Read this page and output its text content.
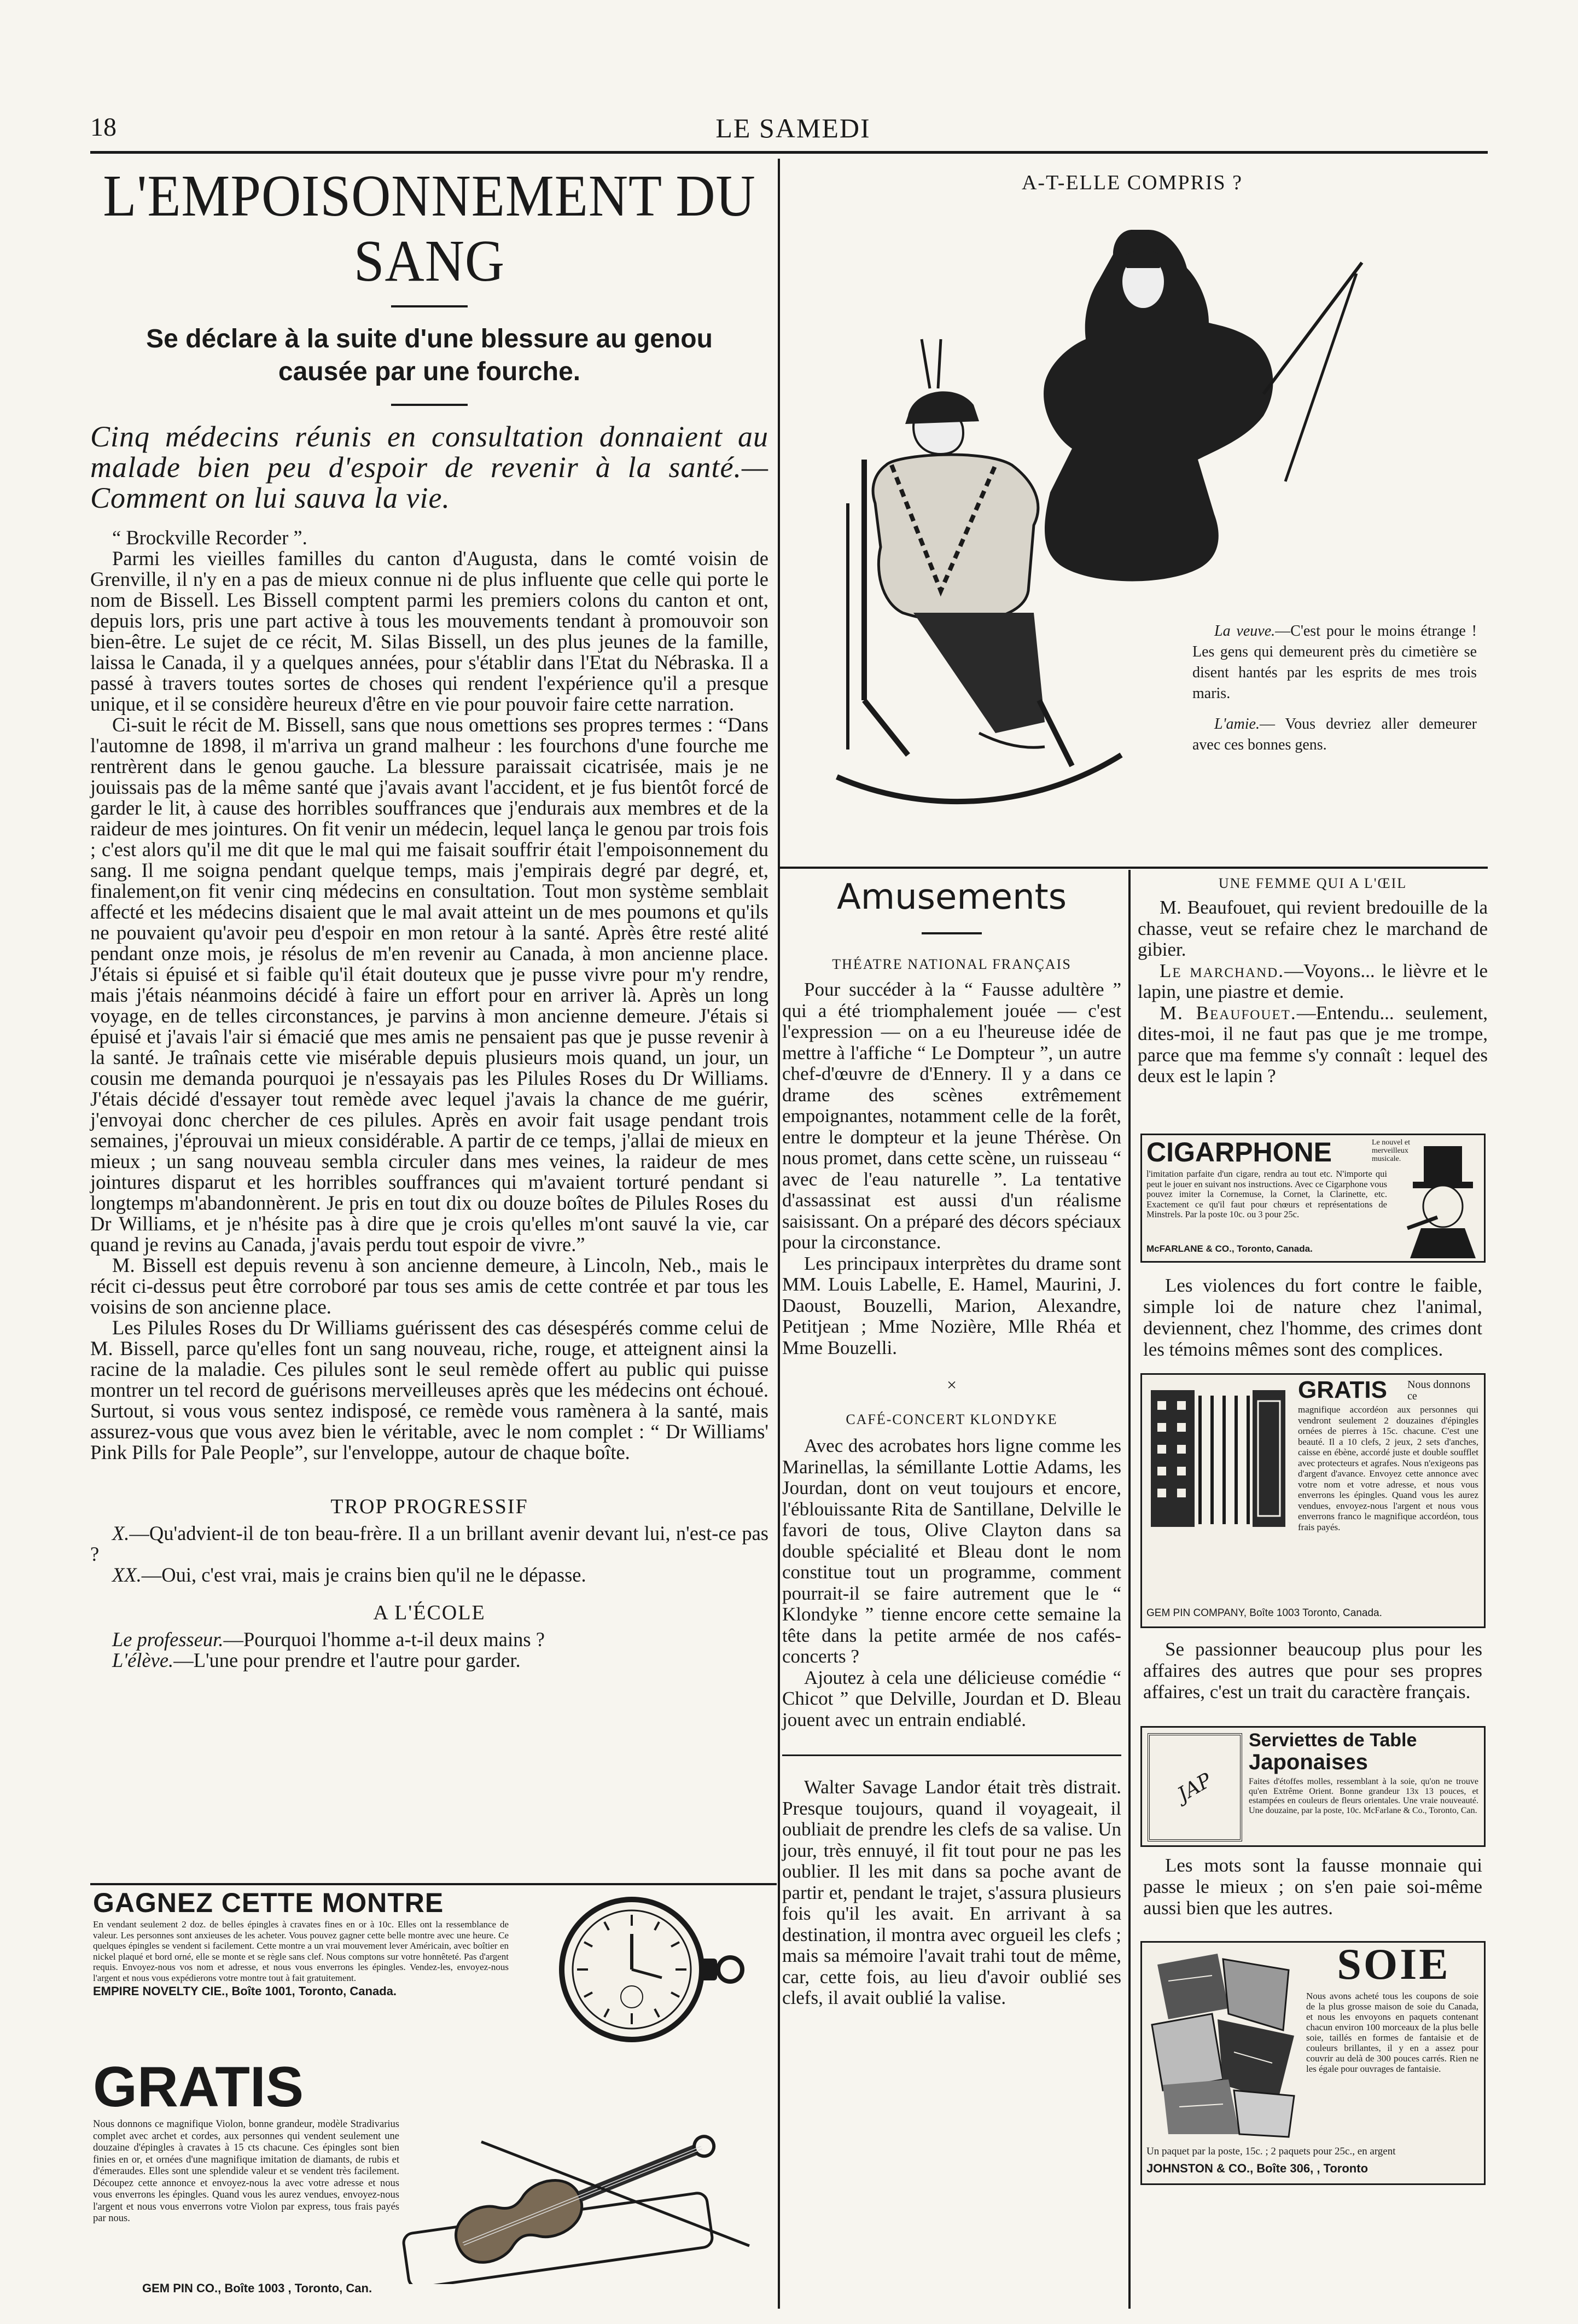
18	LE SAMEDI
L'EMPOISONNEMENT DU SANG
Se déclare à la suite d'une blessure au genou causée par une fourche.
Cinq médecins réunis en consultation donnaient au malade bien peu d'espoir de revenir à la santé.—Comment on lui sauva la vie.
“ Brockville Recorder ”.

Parmi les vieilles familles du canton d'Augusta, dans le comté voisin de Grenville, il n'y en a pas de mieux connue ni de plus influente que celle qui porte le nom de Bissell. Les Bissell comptent parmi les premiers colons du canton et ont, depuis lors, pris une part active à tous les mouvements tendant à promouvoir son bien-être. Le sujet de ce récit, M. Silas Bissell, un des plus jeunes de la famille, laissa le Canada, il y a quelques années, pour s'établir dans l'Etat du Nébraska. Il a passé à travers toutes sortes de choses qui rendent l'expérience qu'il a presque unique, et il se considère heureux d'être en vie pour pouvoir faire cette narration.

Ci-suit le récit de M. Bissell, sans que nous omettions ses propres termes : “Dans l'automne de 1898, il m'arriva un grand malheur : les fourchons d'une fourche me rentrèrent dans le genou gauche. La blessure paraissait cicatrisée, mais je ne jouissais pas de la même santé que j'avais avant l'accident, et je fus bientôt forcé de garder le lit, à cause des horribles souffrances que j'endurais aux membres et de la raideur de mes jointures. On fit venir un médecin, lequel lança le genou par trois fois ; c'est alors qu'il me dit que le mal qui me faisait souffrir était l'empoisonnement du sang. Il me soigna pendant quelque temps, mais j'empirais degré par degré, et, finalement,on fit venir cinq médecins en consultation. Tout mon système semblait affecté et les médecins disaient que le mal avait atteint un de mes poumons et qu'ils ne pouvaient qu'avoir peu d'espoir en mon retour à la santé. Après être resté alité pendant onze mois, je résolus de m'en revenir au Canada, à mon ancienne place. J'étais si épuisé et si faible qu'il était douteux que je pusse vivre pour m'y rendre, mais j'étais néanmoins décidé à faire un effort pour en arriver là. Après un long voyage, en de telles circonstances, je parvins à mon ancienne demeure. J'étais si épuisé et j'avais l'air si émacié que mes amis ne pensaient pas que je pusse revenir à la santé. Je traînais cette vie misérable depuis plusieurs mois quand, un jour, un cousin me demanda pourquoi je n'essayais pas les Pilules Roses du Dr Williams. J'étais décidé d'essayer tout remède avec lequel j'avais la chance de me guérir, j'envoyai donc chercher de ces pilules. Après en avoir fait usage pendant trois semaines, j'éprouvai un mieux considérable. A partir de ce temps, j'allai de mieux en mieux ; un sang nouveau sembla circuler dans mes veines, la raideur de mes jointures disparut et les horribles souffrances qui m'avaient torturé pendant si longtemps m'abandonnèrent. Je pris en tout dix ou douze boîtes de Pilules Roses du Dr Williams, et je n'hésite pas à dire que je crois qu'elles m'ont sauvé la vie, car quand je revins au Canada, j'avais perdu tout espoir de vivre.”

M. Bissell est depuis revenu à son ancienne demeure, à Lincoln, Neb., mais le récit ci-dessus peut être corroboré par tous ses amis de cette contrée et par tous les voisins de son ancienne place.

Les Pilules Roses du Dr Williams guérissent des cas désespérés comme celui de M. Bissell, parce qu'elles font un sang nouveau, riche, rouge, et atteignent ainsi la racine de la maladie. Ces pilules sont le seul remède offert au public qui puisse montrer un tel record de guérisons merveilleuses après que les médecins ont échoué. Surtout, si vous vous sentez indisposé, ce remède vous ramènera à la santé, mais assurez-vous que vous avez bien le véritable, avec le nom complet : “ Dr Williams' Pink Pills for Pale People”, sur l'enveloppe, autour de chaque boîte.

TROP PROGRESSIF

X.—Qu'advient-il de ton beau-frère. Il a un brillant avenir devant lui, n'est-ce pas ?

XX.—Oui, c'est vrai, mais je crains bien qu'il ne le dépasse.

A L'ÉCOLE

Le professeur.—Pourquoi l'homme a-t-il deux mains ?

L'élève.—L'une pour prendre et l'autre pour garder.

GAGNEZ CETTE MONTRE
En vendant seulement 2 doz. de belles épingles à cravates fines en or à 10c. Elles ont la ressemblance de valeur. Les personnes sont anxieuses de les acheter. Vous pouvez gagner cette belle montre avec une heure. Ce quelques épingles se vendent si facilement. Cette montre a un vrai mouvement lever Américain, avec boîtier en nickel plaqué et bord orné, elle se monte et se règle sans clef. Nous comptons sur votre honnêteté. Pas d'argent requis. Envoyez-nous vos nom et adresse, et nous vous enverrons les épingles. Vendez-les, envoyez-nous l'argent et nous vous expédierons votre montre tout à fait gratuitement.
EMPIRE NOVELTY CIE., Boîte 1001, Toronto, Canada.
GRATIS
Nous donnons ce magnifique Violon, bonne grandeur, modèle Stradivarius complet avec archet et cordes, aux personnes qui vendent seulement une douzaine d'épingles à cravates à 15 cts chacune. Ces épingles sont bien finies en or, et ornées d'une magnifique imitation de diamants, de rubis et d'émeraudes. Elles sont une splendide valeur et se vendent très facilement. Découpez cette annonce et envoyez-nous la avec votre adresse et nous vous enverrons les épingles. Quand vous les aurez vendues, envoyez-nous l'argent et nous vous enverrons votre Violon par express, tous frais payés par nous.
GEM PIN CO., Boîte 1003 , Toronto, Can.
A-T-ELLE COMPRIS ?

La veuve.—C'est pour le moins étrange ! Les gens qui demeurent près du cimetière se disent hantés par les esprits de mes trois maris.

L'amie.— Vous devriez aller demeurer avec ces bonnes gens.

Amusements
THÉATRE NATIONAL FRANÇAIS

Pour succéder à la “ Fausse adultère ” qui a été triomphalement jouée — c'est l'expression — on a eu l'heureuse idée de mettre à l'affiche “ Le Dompteur ”, un autre chef-d'œuvre de d'Ennery. Il y a dans ce drame des scènes extrêmement empoignantes, notamment celle de la forêt, entre le dompteur et la jeune Thérèse. On nous promet, dans cette scène, un ruisseau “ avec de l'eau naturelle ”. La tentative d'assassinat est aussi d'un réalisme saisissant. On a préparé des décors spéciaux pour la circonstance.

Les principaux interprètes du drame sont MM. Louis Labelle, E. Hamel, Maurini, J. Daoust, Bouzelli, Marion, Alexandre, Petitjean ; Mme Nozière, Mlle Rhéa et Mme Bouzelli.

×
CAFÉ-CONCERT KLONDYKE

Avec des acrobates hors ligne comme les Marinellas, la sémillante Lottie Adams, les Jourdan, dont on veut toujours et encore, l'éblouissante Rita de Santillane, Delville le favori de tous, Olive Clayton dans sa double spécialité et Bleau dont le nom constitue tout un programme, comment pourrait-il se faire autrement que le “ Klondyke ” tienne encore cette semaine la tête dans la petite armée de nos cafés-concerts ?

Ajoutez à cela une délicieuse comédie “ Chicot ” que Delville, Jourdan et D. Bleau jouent avec un entrain endiablé.

Walter Savage Landor était très distrait. Presque toujours, quand il voyageait, il oubliait de prendre les clefs de sa valise. Un jour, très ennuyé, il fit tout pour ne pas les oublier. Il les mit dans sa poche avant de partir et, pendant le trajet, s'assura plusieurs fois qu'il les avait. En arrivant à sa destination, il montra avec orgueil les clefs ; mais sa mémoire l'avait trahi tout de même, car, cette fois, au lieu d'avoir oublié ses clefs, il avait oublié la valise.

UNE FEMME QUI A L'ŒIL

M. Beaufouet, qui revient bredouille de la chasse, veut se refaire chez le marchand de gibier.

Le marchand.—Voyons... le lièvre et le lapin, une piastre et demie.

M. Beaufouet.—Entendu... seulement, dites-moi, il ne faut pas que je me trompe, parce que ma femme s'y connaît : lequel des deux est le lapin ?

CIGARPHONE	Le nouvel et merveilleux musicale.
l'imitation parfaite d'un cigare, rendra au tout etc. N'importe qui peut le jouer en suivant nos instructions. Avec ce Cigarphone vous pouvez imiter la Cornemuse, la Cornet, la Clarinette, etc. Exactement ce qu'il faut pour chœurs et représentations de Minstrels. Par la poste 10c. ou 3 pour 25c.
McFARLANE & CO., Toronto, Canada.
Les violences du fort contre le faible, simple loi de nature chez l'animal, deviennent, chez l'homme, des crimes dont les témoins mêmes sont des complices.
GRATIS Nous donnons ce
magnifique accordéon aux personnes qui vendront seulement 2 douzaines d'épingles ornées de pierres à 15c. chacune. C'est une beauté. Il a 10 clefs, 2 jeux, 2 sets d'anches, caisse en ébène, accordé juste et double soufflet avec protecteurs et agrafes. Nous n'exigeons pas d'argent d'avance. Envoyez cette annonce avec votre nom et votre adresse, et nous vous enverrons les épingles. Quand vous les aurez vendues, envoyez-nous l'argent et nous vous enverrons franco le magnifique accordéon, tous frais payés.
GEM PIN COMPANY, Boîte 1003 Toronto, Canada.
Se passionner beaucoup plus pour les affaires des autres que pour ses propres affaires, c'est un trait du caractère français.
JAP
Serviettes de Table
Japonaises
Faites d'étoffes molles, ressemblant à la soie, qu'on ne trouve qu'en Extrême Orient. Bonne grandeur 13x 13 pouces, et estampées en couleurs de fleurs orientales. Une vraie nouveauté. Une douzaine, par la poste, 10c. McFarlane & Co., Toronto, Can.
Les mots sont la fausse monnaie qui passe le mieux ; on s'en paie soi-même aussi bien que les autres.
SOIE
Nous avons acheté tous les coupons de soie de la plus grosse maison de soie du Canada, et nous les envoyons en paquets contenant chacun environ 100 morceaux de la plus belle soie, taillés en formes de fantaisie et de couleurs brillantes, il y en a assez pour couvrir au delà de 300 pouces carrés. Rien ne les égale pour ouvrages de fantaisie.
Un paquet par la poste, 15c. ; 2 paquets pour 25c., en argent
JOHNSTON & CO., Boîte 306, , Toronto
